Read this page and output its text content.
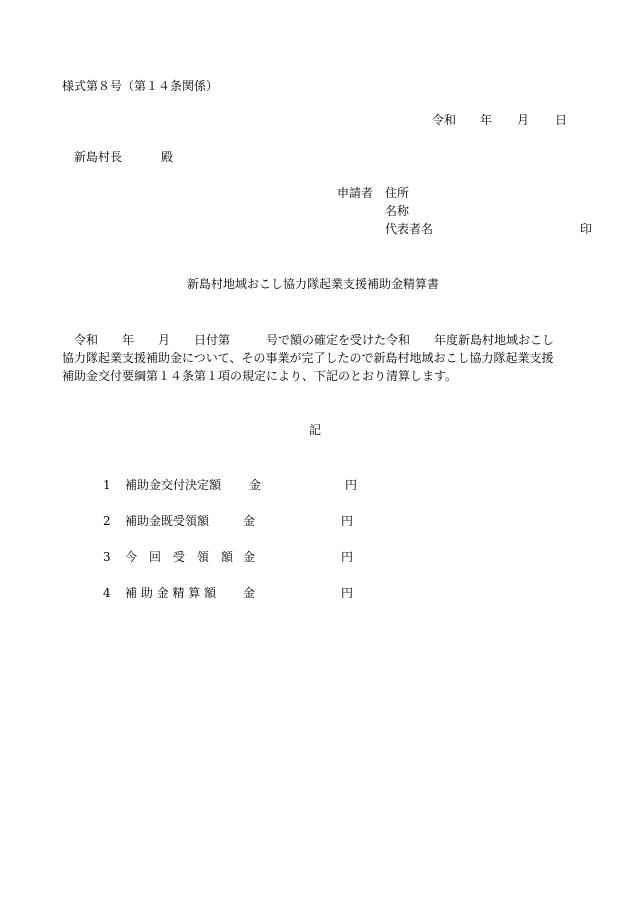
様式第８号（第１４条関係）
令和 年 月 日
新島村長	殿
申請者 住所
名称
代表者名	印
新島村地域おこし協力隊起業支援補助金精算書
　令和　　年　　月　　日付第　　　号で額の確定を受けた令和　　年度新島村地域おこし
協力隊起業支援補助金について、その事業が完了したので新島村地域おこし協力隊起業支援
補助金交付要綱第１４条第１項の規定により、下記のとおり清算します。
記
1 補助金交付決定額 金	円
2 補助金既受領額	金	円
3 今　回　受　領　額 金	円
4 補 助 金 精 算 額 金	円
